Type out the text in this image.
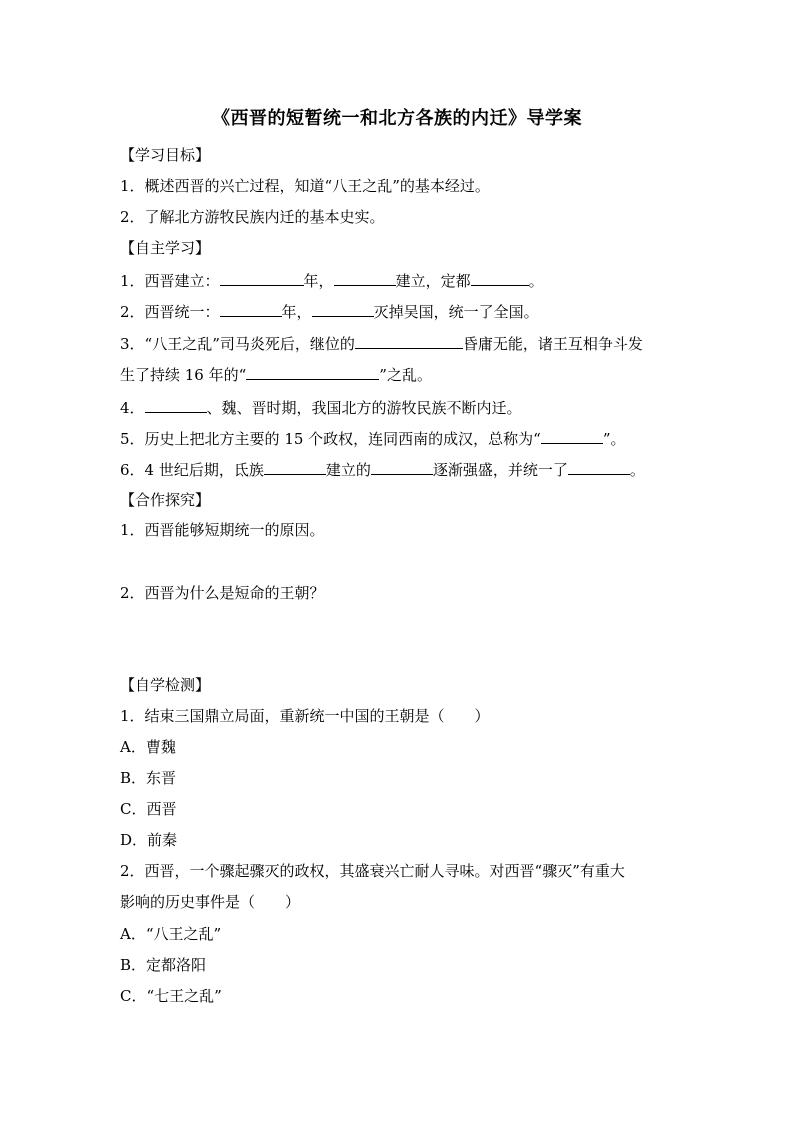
《西晋的短暂统一和北方各族的内迁》导学案
【学习目标】
1．概述西晋的兴亡过程，知道“八王之乱”的基本经过。
2．了解北方游牧民族内迁的基本史实。
【自主学习】
1．西晋建立：	年，	建立，定都	。
2．西晋统一：	年，	灭掉吴国，统一了全国。
3．“八王之乱”司马炎死后，继位的	昏庸无能，诸王互相争斗发
生了持续 16 年的“	”之乱。
4．	、魏、晋时期，我国北方的游牧民族不断内迁。
5．历史上把北方主要的 15 个政权，连同西南的成汉，总称为“	”。
6．4 世纪后期，氐族	建立的	逐渐强盛，并统一了	。
【合作探究】
1．西晋能够短期统一的原因。
2．西晋为什么是短命的王朝？
【自学检测】
1．结束三国鼎立局面，重新统一中国的王朝是（　　）
A．曹魏
B．东晋
C．西晋
D．前秦
2．西晋，一个骤起骤灭的政权，其盛衰兴亡耐人寻味。对西晋“骤灭”有重大
影响的历史事件是（　　）
A．“八王之乱”
B．定都洛阳
C．“七王之乱”
